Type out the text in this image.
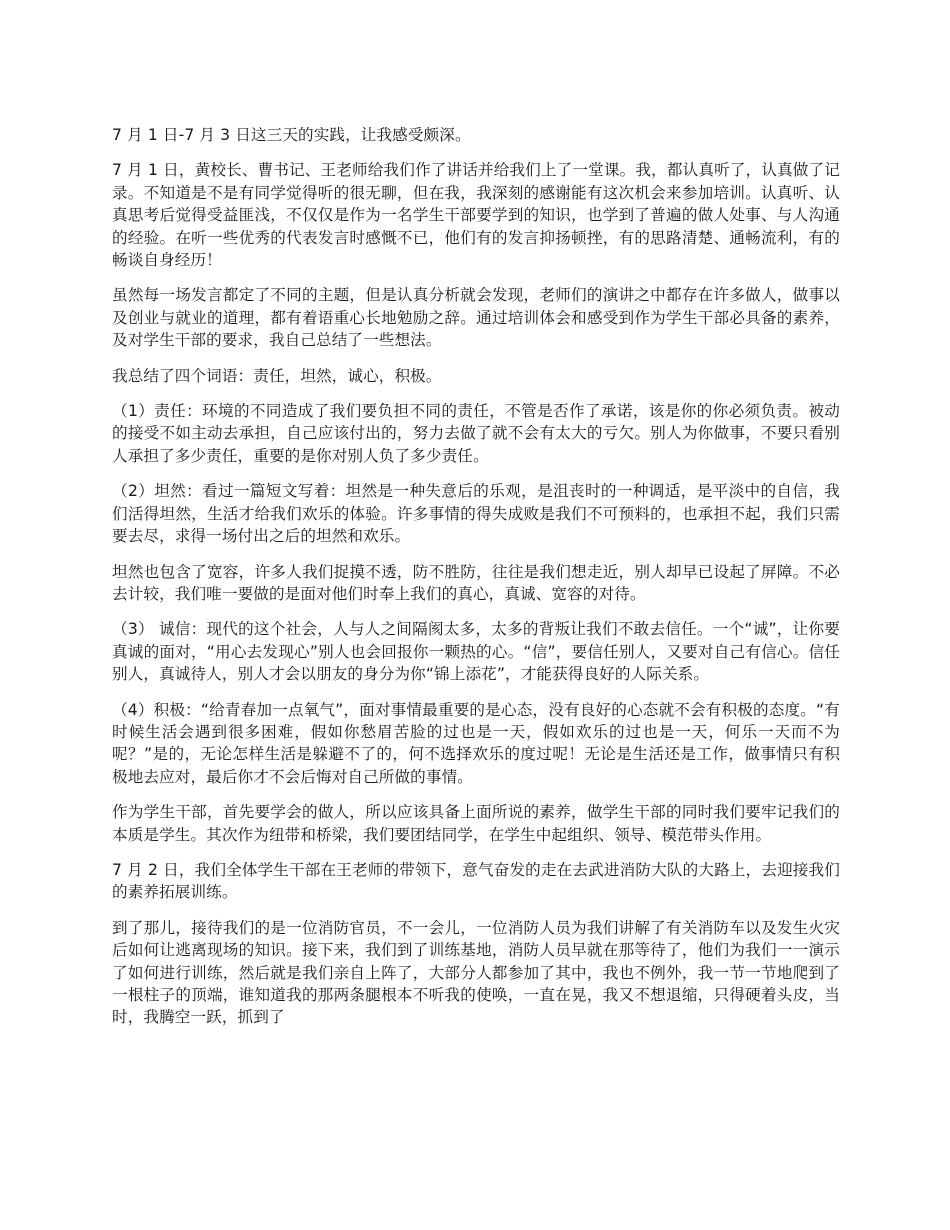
7 月 1 日-7 月 3 日这三天的实践，让我感受颇深。

7 月 1 日，黄校长、曹书记、王老师给我们作了讲话并给我们上了一堂课。我，都认真听了，认真做了记录。不知道是不是有同学觉得听的很无聊，但在我，我深刻的感谢能有这次机会来参加培训。认真听、认真思考后觉得受益匪浅，不仅仅是作为一名学生干部要学到的知识，也学到了普遍的做人处事、与人沟通的经验。在听一些优秀的代表发言时感慨不已，他们有的发言抑扬顿挫，有的思路清楚、通畅流利，有的畅谈自身经历！

虽然每一场发言都定了不同的主题，但是认真分析就会发现，老师们的演讲之中都存在许多做人，做事以及创业与就业的道理，都有着语重心长地勉励之辞。通过培训体会和感受到作为学生干部必具备的素养，及对学生干部的要求，我自己总结了一些想法。

我总结了四个词语：责任，坦然，诚心，积极。

（1）责任：环境的不同造成了我们要负担不同的责任，不管是否作了承诺，该是你的你必须负责。被动的接受不如主动去承担，自己应该付出的，努力去做了就不会有太大的亏欠。别人为你做事，不要只看别人承担了多少责任，重要的是你对别人负了多少责任。

（2）坦然：看过一篇短文写着：坦然是一种失意后的乐观，是沮丧时的一种调适，是平淡中的自信，我们活得坦然，生活才给我们欢乐的体验。许多事情的得失成败是我们不可预料的，也承担不起，我们只需要去尽，求得一场付出之后的坦然和欢乐。

坦然也包含了宽容，许多人我们捉摸不透，防不胜防，往往是我们想走近，别人却早已设起了屏障。不必去计较，我们唯一要做的是面对他们时奉上我们的真心，真诚、宽容的对待。

（3） 诚信：现代的这个社会，人与人之间隔阂太多，太多的背叛让我们不敢去信任。一个“诚”，让你要真诚的面对，“用心去发现心”别人也会回报你一颗热的心。“信”，要信任别人，又要对自己有信心。信任别人，真诚待人，别人才会以朋友的身分为你“锦上添花”，才能获得良好的人际关系。

（4）积极：“给青春加一点氧气”，面对事情最重要的是心态，没有良好的心态就不会有积极的态度。“有时候生活会遇到很多困难，假如你愁眉苦脸的过也是一天，假如欢乐的过也是一天，何乐一天而不为呢？”是的，无论怎样生活是躲避不了的，何不选择欢乐的度过呢！无论是生活还是工作，做事情只有积极地去应对，最后你才不会后悔对自己所做的事情。

作为学生干部，首先要学会的做人，所以应该具备上面所说的素养，做学生干部的同时我们要牢记我们的本质是学生。其次作为纽带和桥梁，我们要团结同学，在学生中起组织、领导、模范带头作用。

7 月 2 日，我们全体学生干部在王老师的带领下，意气奋发的走在去武进消防大队的大路上，去迎接我们的素养拓展训练。

到了那儿，接待我们的是一位消防官员，不一会儿，一位消防人员为我们讲解了有关消防车以及发生火灾后如何让逃离现场的知识。接下来，我们到了训练基地，消防人员早就在那等待了，他们为我们一一演示了如何进行训练，然后就是我们亲自上阵了，大部分人都参加了其中，我也不例外，我一节一节地爬到了一根柱子的顶端，谁知道我的那两条腿根本不听我的使唤，一直在晃，我又不想退缩，只得硬着头皮，当时，我腾空一跃，抓到了
